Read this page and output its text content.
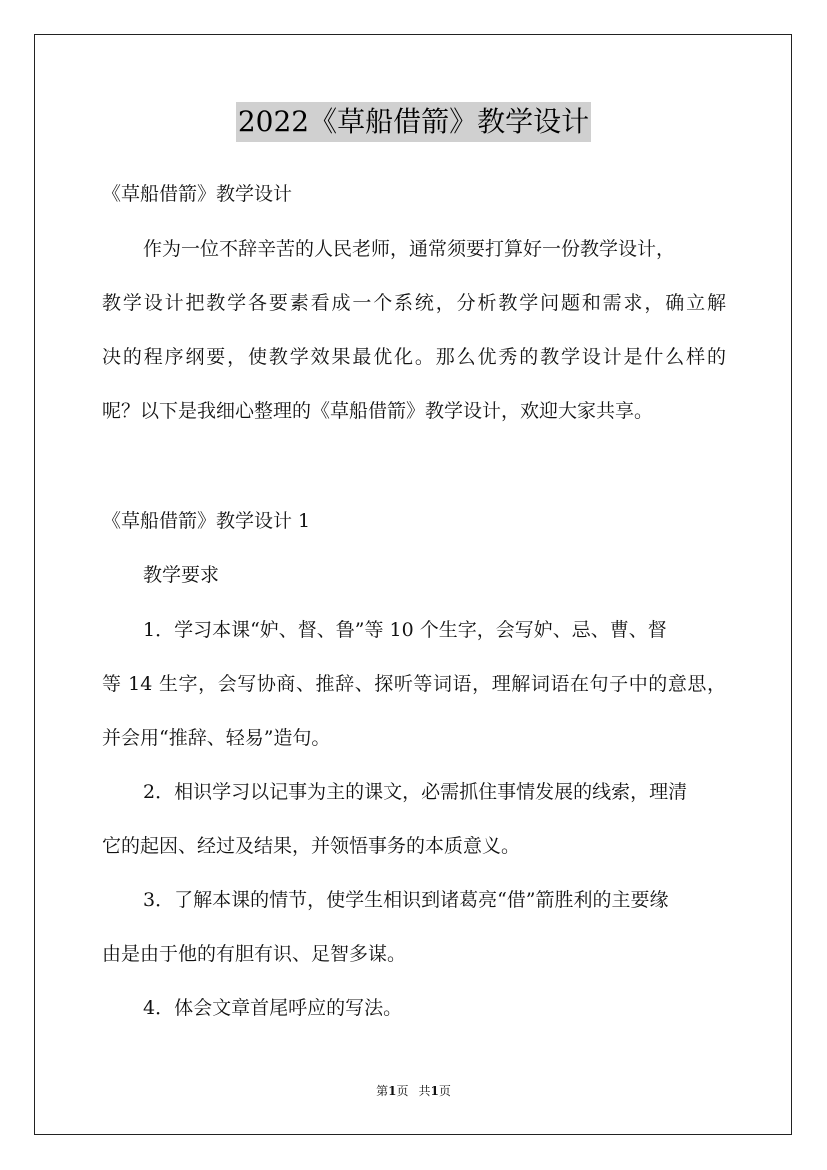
2022《草船借箭》教学设计
《草船借箭》教学设计
作为一位不辞辛苦的人民老师，通常须要打算好一份教学设计，
教学设计把教学各要素看成一个系统，分析教学问题和需求，确立解
决的程序纲要，使教学效果最优化。那么优秀的教学设计是什么样的
呢？以下是我细心整理的《草船借箭》教学设计，欢迎大家共享。
《草船借箭》教学设计 1
教学要求
1．学习本课“妒、督、鲁”等 10 个生字，会写妒、忌、曹、督
等 14 生字，会写协商、推辞、探听等词语，理解词语在句子中的意思，
并会用“推辞、轻易”造句。
2．相识学习以记事为主的课文，必需抓住事情发展的线索，理清
它的起因、经过及结果，并领悟事务的本质意义。
3．了解本课的情节，使学生相识到诸葛亮“借”箭胜利的主要缘
由是由于他的有胆有识、足智多谋。
4．体会文章首尾呼应的写法。
第1页 共1页
